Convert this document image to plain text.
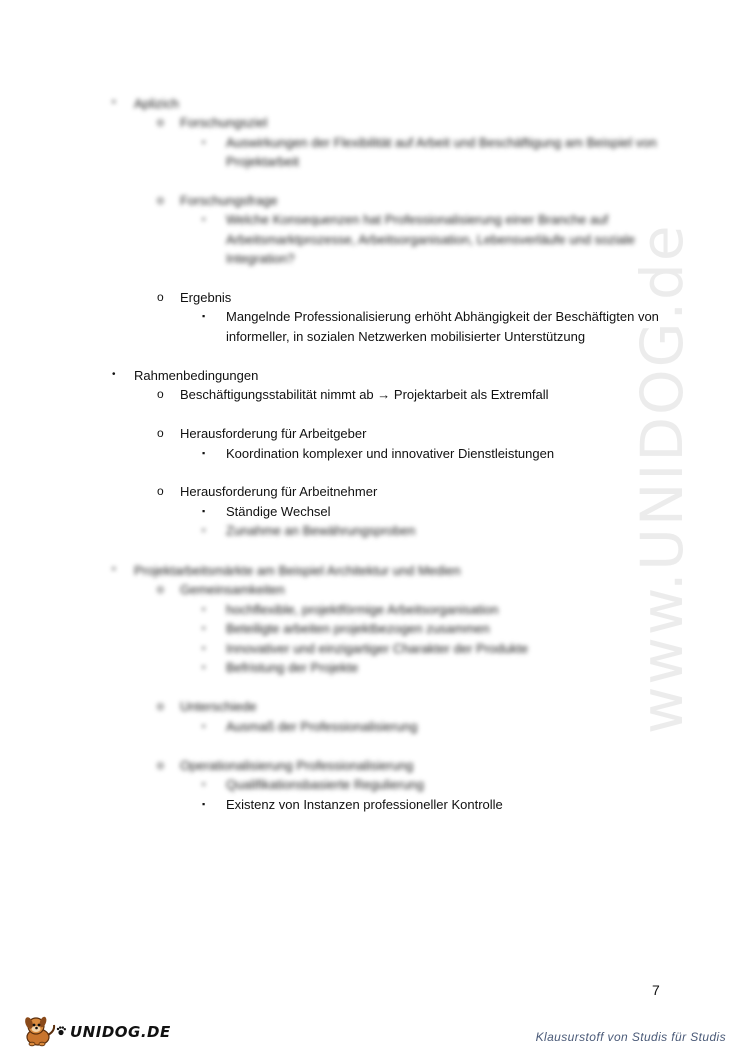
www.UNIDOG.de
• Aplizich
o Forschungsziel
▪ Auswirkungen der Flexibilität auf Arbeit und Beschäftigung am Beispiel von
Projektarbeit
o Forschungsfrage
▪ Welche Konsequenzen hat Professionalisierung einer Branche auf
Arbeitsmarktprozesse, Arbeitsorganisation, Lebensverläufe und soziale
Integration?
o Ergebnis
▪ Mangelnde Professionalisierung erhöht Abhängigkeit der Beschäftigten von
informeller, in sozialen Netzwerken mobilisierter Unterstützung
• Rahmenbedingungen
o Beschäftigungsstabilität nimmt ab → Projektarbeit als Extremfall
o Herausforderung für Arbeitgeber
▪ Koordination komplexer und innovativer Dienstleistungen
o Herausforderung für Arbeitnehmer
▪ Ständige Wechsel
▪ Zunahme an Bewährungsproben
• Projektarbeitsmärkte am Beispiel Architektur und Medien
o Gemeinsamkeiten
▪ hochflexible, projektförmige Arbeitsorganisation
▪ Beteiligte arbeiten projektbezogen zusammen
▪ Innovativer und einzigartiger Charakter der Produkte
▪ Befristung der Projekte
o Unterschiede
▪ Ausmaß der Professionalisierung
o Operationalisierung Professionalisierung
▪ Qualifikationsbasierte Regulierung
▪ Existenz von Instanzen professioneller Kontrolle
7
UNIDOG.DE	Klausurstoff von Studis für Studis
